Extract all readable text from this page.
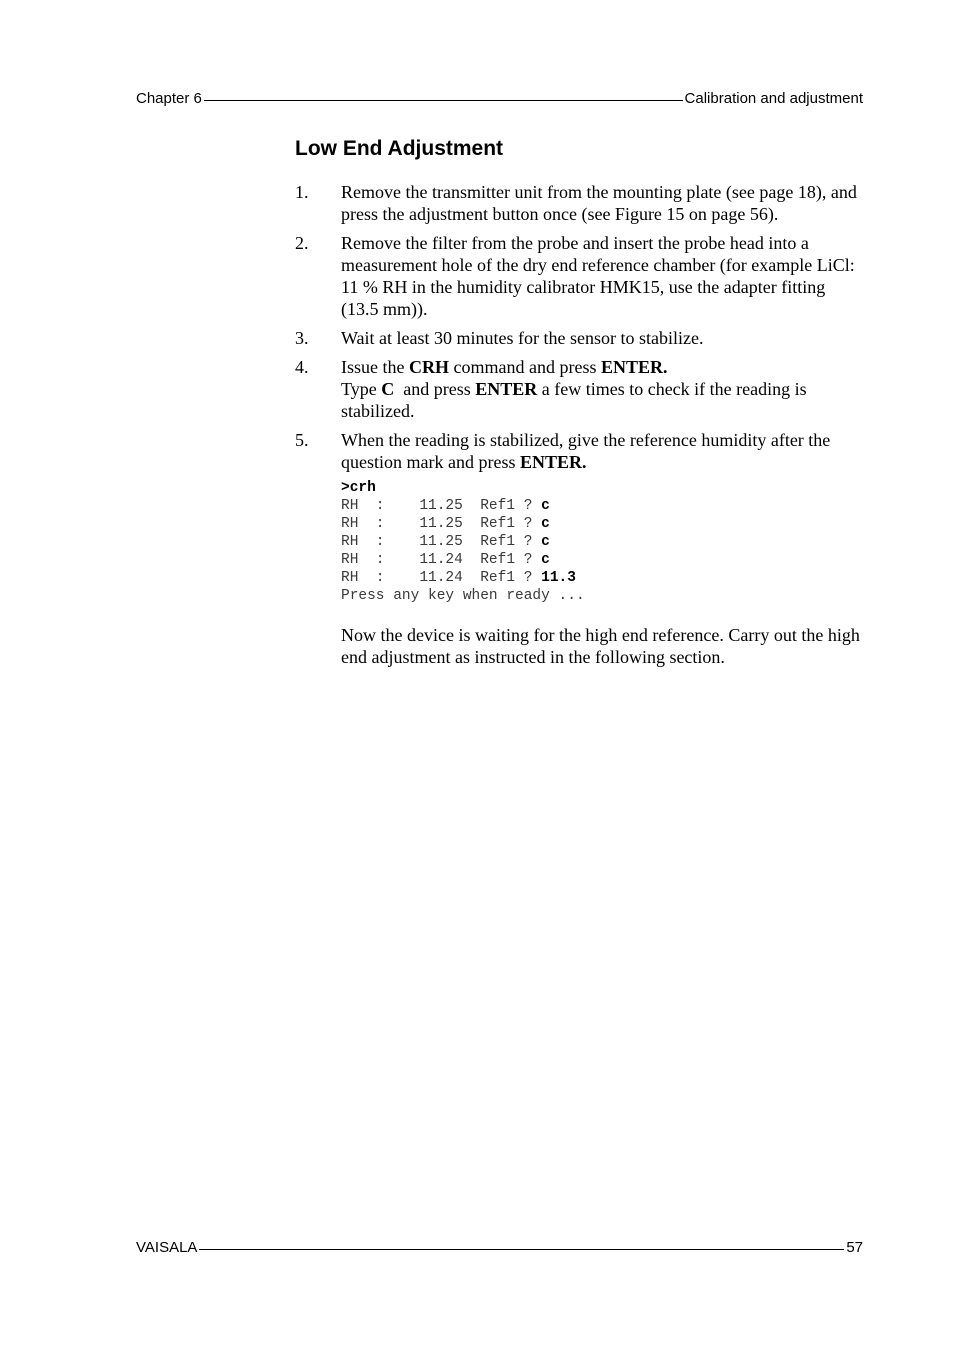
Chapter 6	Calibration and adjustment
Low End Adjustment
1. Remove the transmitter unit from the mounting plate (see page 18), and press the adjustment button once (see Figure 15 on page 56).

2. Remove the filter from the probe and insert the probe head into a measurement hole of the dry end reference chamber (for example LiCl: 11 % RH in the humidity calibrator HMK15, use the adapter fitting (13.5 mm)).

3. Wait at least 30 minutes for the sensor to stabilize.

4. Issue the CRH command and press ENTER.

Type C  and press ENTER a few times to check if the reading is stabilized.

5. When the reading is stabilized, give the reference humidity after the question mark and press ENTER.

>crh
RH  :    11.25  Ref1 ? c
RH  :    11.25  Ref1 ? c
RH  :    11.25  Ref1 ? c
RH  :    11.24  Ref1 ? c
RH  :    11.24  Ref1 ? 11.3
Press any key when ready ...

Now the device is waiting for the high end reference. Carry out the high end adjustment as instructed in the following section.

VAISALA	57
